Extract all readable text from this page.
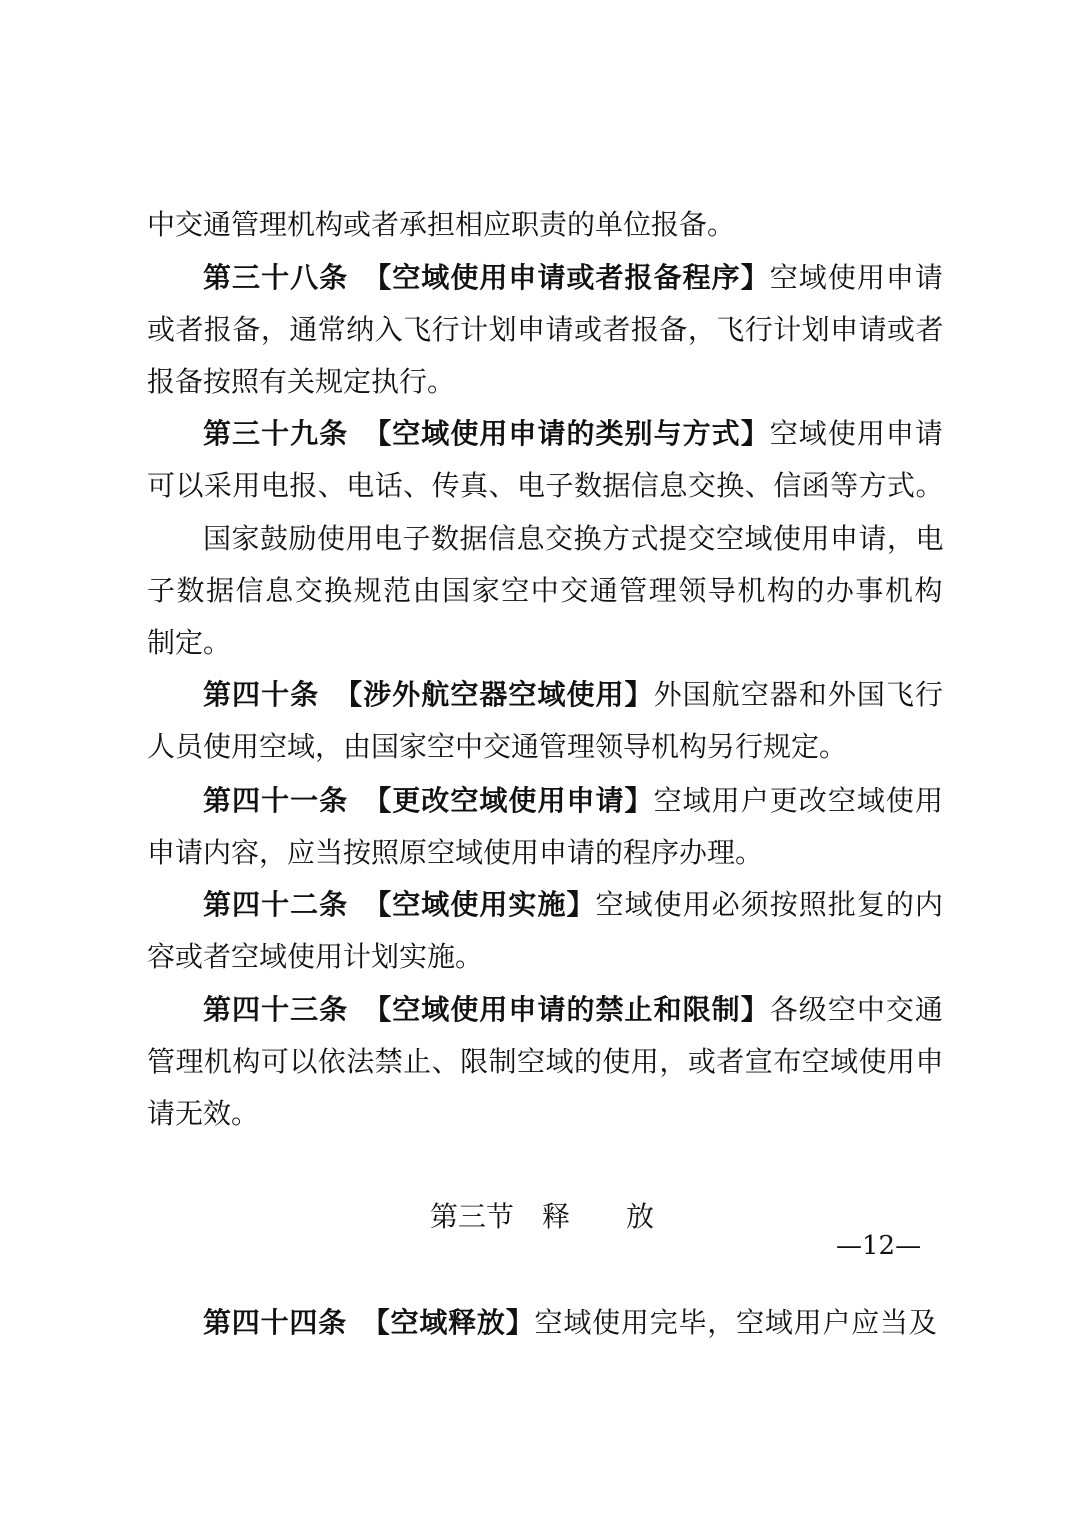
中交通管理机构或者承担相应职责的单位报备。
第三十八条　【空域使用申请或者报备程序】空域使用申请
或者报备，通常纳入飞行计划申请或者报备，飞行计划申请或者
报备按照有关规定执行。
第三十九条　【空域使用申请的类别与方式】空域使用申请
可以采用电报、电话、传真、电子数据信息交换、信函等方式。
国家鼓励使用电子数据信息交换方式提交空域使用申请，电
子数据信息交换规范由国家空中交通管理领导机构的办事机构
制定。
第四十条　【涉外航空器空域使用】外国航空器和外国飞行
人员使用空域，由国家空中交通管理领导机构另行规定。
第四十一条　【更改空域使用申请】空域用户更改空域使用
申请内容，应当按照原空域使用申请的程序办理。
第四十二条　【空域使用实施】空域使用必须按照批复的内
容或者空域使用计划实施。
第四十三条　【空域使用申请的禁止和限制】各级空中交通
管理机构可以依法禁止、限制空域的使用，或者宣布空域使用申
请无效。
第三节　释　　放
第四十四条　【空域释放】空域使用完毕，空域用户应当及
—12—
